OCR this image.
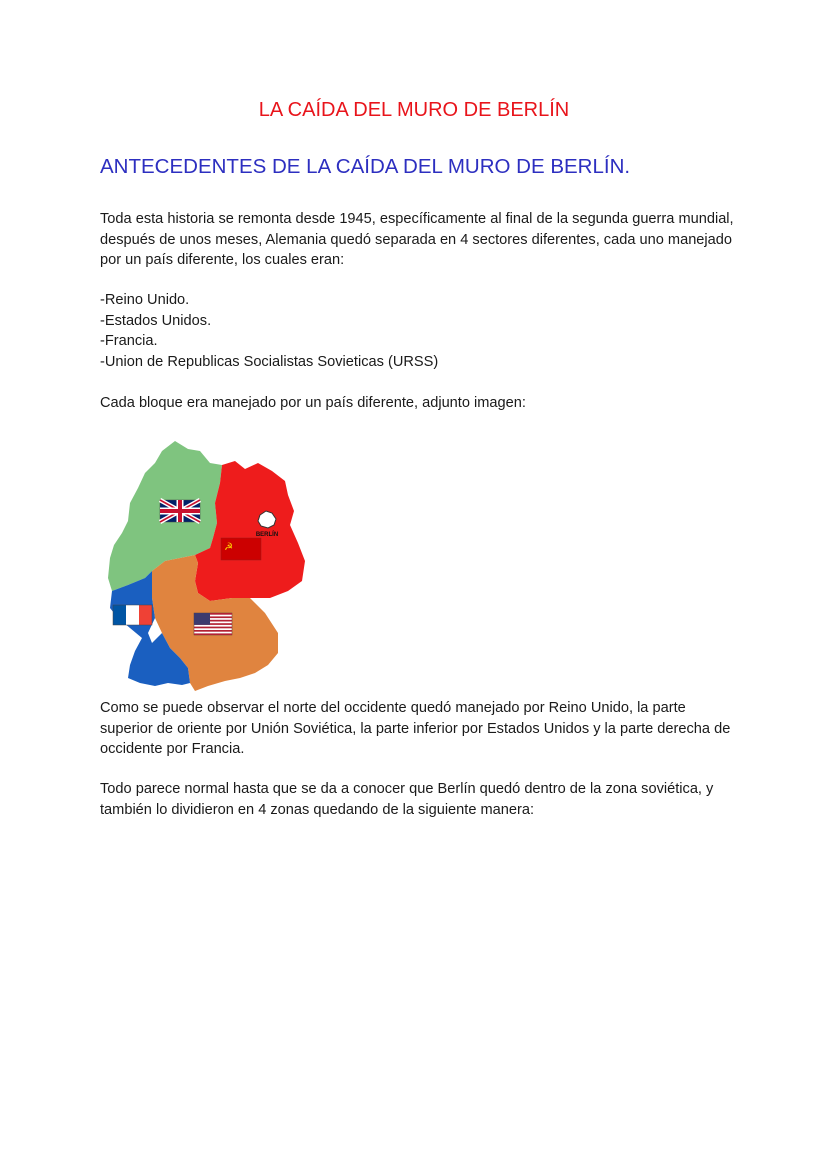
LA CAÍDA DEL MURO DE BERLÍN
ANTECEDENTES DE LA CAÍDA DEL MURO DE BERLÍN.

Toda esta historia se remonta desde 1945, específicamente al final de la segunda guerra mundial, después de unos meses, Alemania quedó separada en 4 sectores diferentes, cada uno manejado por un país diferente, los cuales eran:

-Reino Unido.
-Estados Unidos.
-Francia.
-Union de Republicas Socialistas Sovieticas (URSS)

Cada bloque era manejado por un país diferente, adjunto imagen:

BERLÍN
☭

Como se puede observar el norte del occidente quedó manejado por Reino Unido, la parte superior de oriente por Unión Soviética, la parte inferior por Estados Unidos y la parte derecha de occidente por Francia.

Todo parece normal hasta que se da a conocer que Berlín quedó dentro de la zona soviética, y también lo dividieron en 4 zonas quedando de la siguiente manera:
